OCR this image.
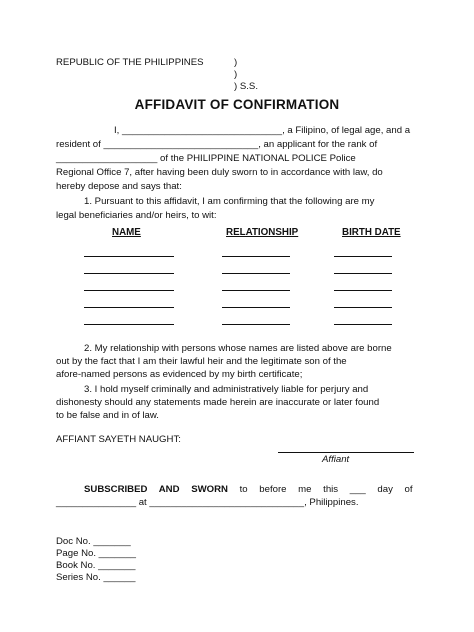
REPUBLIC OF THE PHILIPPINES	)
)
) S.S.
AFFIDAVIT OF CONFIRMATION
I, ______________________________, a Filipino, of legal age, and a
resident of _____________________________, an applicant for the rank of
___________________ of the PHILIPPINE NATIONAL POLICE Police
Regional Office 7, after having been duly sworn to in accordance with law, do
hereby depose and says that:
1. Pursuant to this affidavit, I am confirming that the following are my
legal beneficiaries and/or heirs, to wit:
NAME	RELATIONSHIP	BIRTH DATE
2. My relationship with persons whose names are listed above are borne
out by the fact that I am their lawful heir and the legitimate son of the
afore-named persons as evidenced by my birth certificate;
3. I hold myself criminally and administratively liable for perjury and
dishonesty should any statements made herein are inaccurate or later found
to be false and in of law.
AFFIANT SAYETH NAUGHT:
Affiant
SUBSCRIBED AND SWORN to before me this ___ day of
_______________ at _____________________________, Philippines.
Doc No. _______
Page No. _______
Book No. _______
Series No. ______
